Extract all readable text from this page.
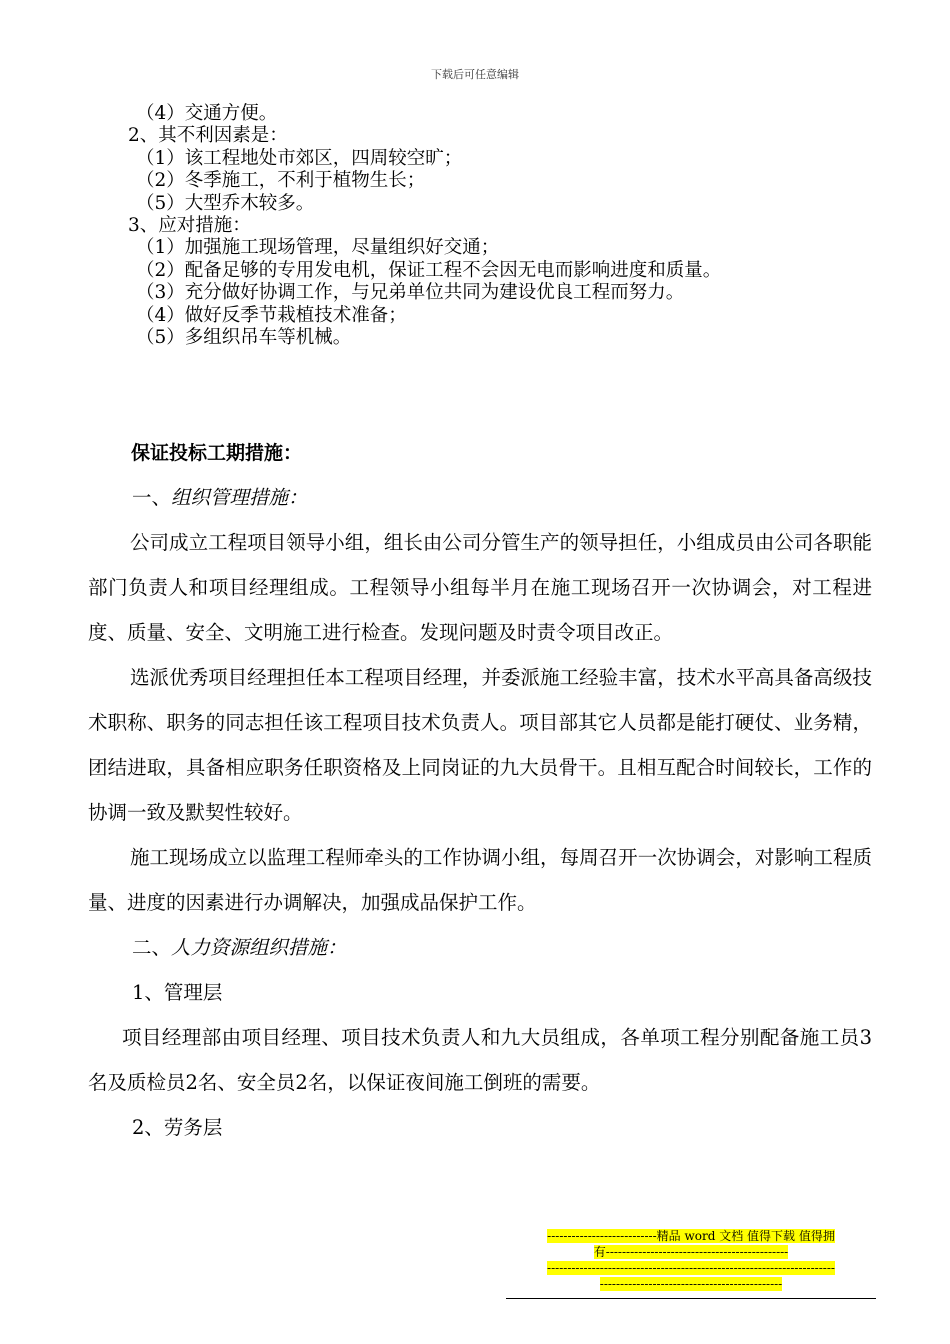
下载后可任意编辑
（4）交通方便。
2、其不利因素是：
（1）该工程地处市郊区，四周较空旷；
（2）冬季施工，不利于植物生长；
（5）大型乔木较多。
3、应对措施：
（1）加强施工现场管理，尽量组织好交通；
（2）配备足够的专用发电机，保证工程不会因无电而影响进度和质量。
（3）充分做好协调工作，与兄弟单位共同为建设优良工程而努力。
（4）做好反季节栽植技术准备；
（5）多组织吊车等机械。
保证投标工期措施：

一、组织管理措施：

公司成立工程项目领导小组，组长由公司分管生产的领导担任，小组成员由公司各职能部门负责人和项目经理组成。工程领导小组每半月在施工现场召开一次协调会，对工程进度、质量、安全、文明施工进行检查。发现问题及时责令项目改正。

选派优秀项目经理担任本工程项目经理，并委派施工经验丰富，技术水平高具备高级技术职称、职务的同志担任该工程项目技术负责人。项目部其它人员都是能打硬仗、业务精，团结进取，具备相应职务任职资格及上同岗证的九大员骨干。且相互配合时间较长，工作的协调一致及默契性较好。

施工现场成立以监理工程师牵头的工作协调小组，每周召开一次协调会，对影响工程质量、进度的因素进行办调解决，加强成品保护工作。

二、人力资源组织措施：

1、管理层

项目经理部由项目经理、项目技术负责人和九大员组成，各单项工程分别配备施工员3名及质检员2名、安全员2名，以保证夜间施工倒班的需要。

2、劳务层

---------------------------精品 word 文档 值得下载 值得拥
有---------------------------------------------
-----------------------------------------------------------------------
---------------------------------------------
